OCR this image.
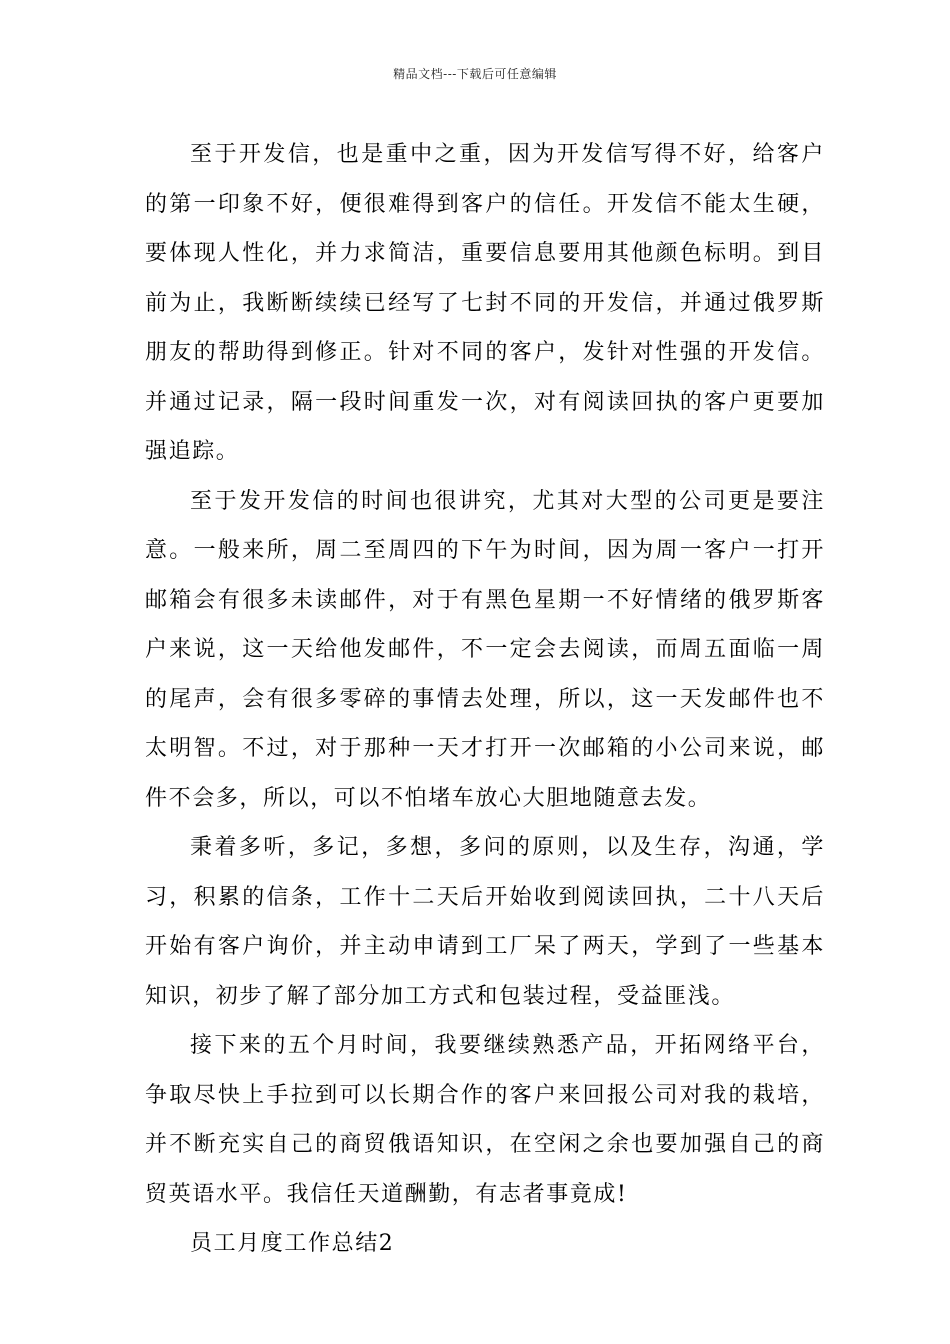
精品文档---下载后可任意编辑

至于开发信，也是重中之重，因为开发信写得不好，给客户的第一印象不好，便很难得到客户的信任。开发信不能太生硬，要体现人性化，并力求简洁，重要信息要用其他颜色标明。到目前为止，我断断续续已经写了七封不同的开发信，并通过俄罗斯朋友的帮助得到修正。针对不同的客户，发针对性强的开发信。并通过记录，隔一段时间重发一次，对有阅读回执的客户更要加强追踪。

至于发开发信的时间也很讲究，尤其对大型的公司更是要注意。一般来所，周二至周四的下午为时间，因为周一客户一打开邮箱会有很多未读邮件，对于有黑色星期一不好情绪的俄罗斯客户来说，这一天给他发邮件，不一定会去阅读，而周五面临一周的尾声，会有很多零碎的事情去处理，所以，这一天发邮件也不太明智。不过，对于那种一天才打开一次邮箱的小公司来说，邮件不会多，所以，可以不怕堵车放心大胆地随意去发。

秉着多听，多记，多想，多问的原则，以及生存，沟通，学习，积累的信条，工作十二天后开始收到阅读回执，二十八天后开始有客户询价，并主动申请到工厂呆了两天，学到了一些基本知识，初步了解了部分加工方式和包装过程，受益匪浅。

接下来的五个月时间，我要继续熟悉产品，开拓网络平台，争取尽快上手拉到可以长期合作的客户来回报公司对我的栽培，并不断充实自己的商贸俄语知识，在空闲之余也要加强自己的商贸英语水平。我信任天道酬勤，有志者事竟成!

员工月度工作总结2
